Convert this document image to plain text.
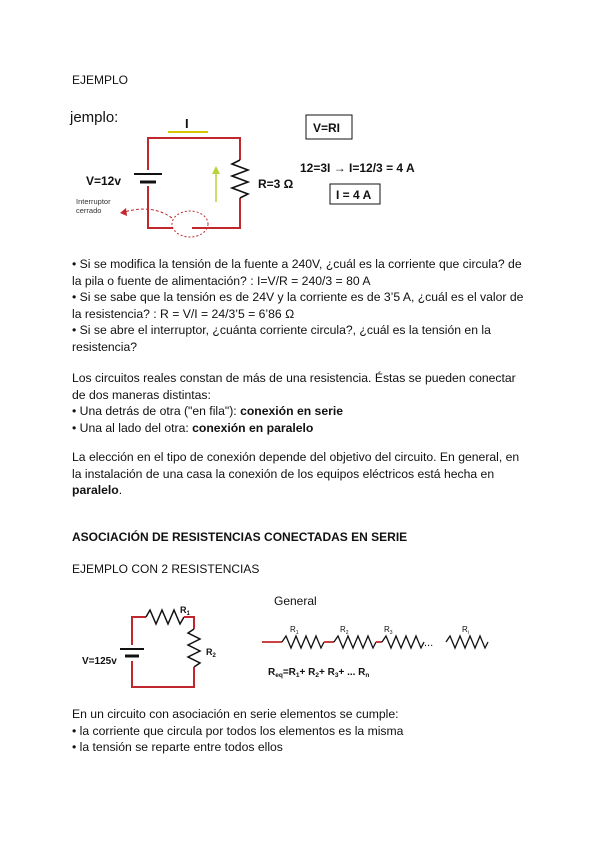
EJEMPLO
jemplo:	I
V=12v	R=3 Ω
Interruptor
cerrado
V=RI
12=3I → I=12/3 = 4 A
I = 4 A
• Si se modifica la tensión de la fuente a 240V, ¿cuál es la corriente que circula? de
la pila o fuente de alimentación? : I=V/R = 240/3 = 80 A
• Si se sabe que la tensión es de 24V y la corriente es de 3’5 A, ¿cuál es el valor de
la resistencia? : R = V/I = 24/3’5 = 6’86 Ω
• Si se abre el interruptor, ¿cuánta corriente circula?, ¿cuál es la tensión en la
resistencia?
Los circuitos reales constan de más de una resistencia. Éstas se pueden conectar
de dos maneras distintas:
• Una detrás de otra ("en fila"): conexión en serie
• Una al lado del otra: conexión en paralelo
La elección en el tipo de conexión depende del objetivo del circuito. En general, en
la instalación de una casa la conexión de los equipos eléctricos está hecha en
paralelo.
ASOCIACIÓN DE RESISTENCIAS CONECTADAS EN SERIE
EJEMPLO CON 2 RESISTENCIAS
V=125v
$R_1$
$R_2$
General
...
$R_1$	$R_2$	$R_3$	$R_i$
$R_{eq}=R_1+ R_2+ R_3+$ ... $R_n$
En un circuito con asociación en serie elementos se cumple:
• la corriente que circula por todos los elementos es la misma
• la tensión se reparte entre todos ellos
